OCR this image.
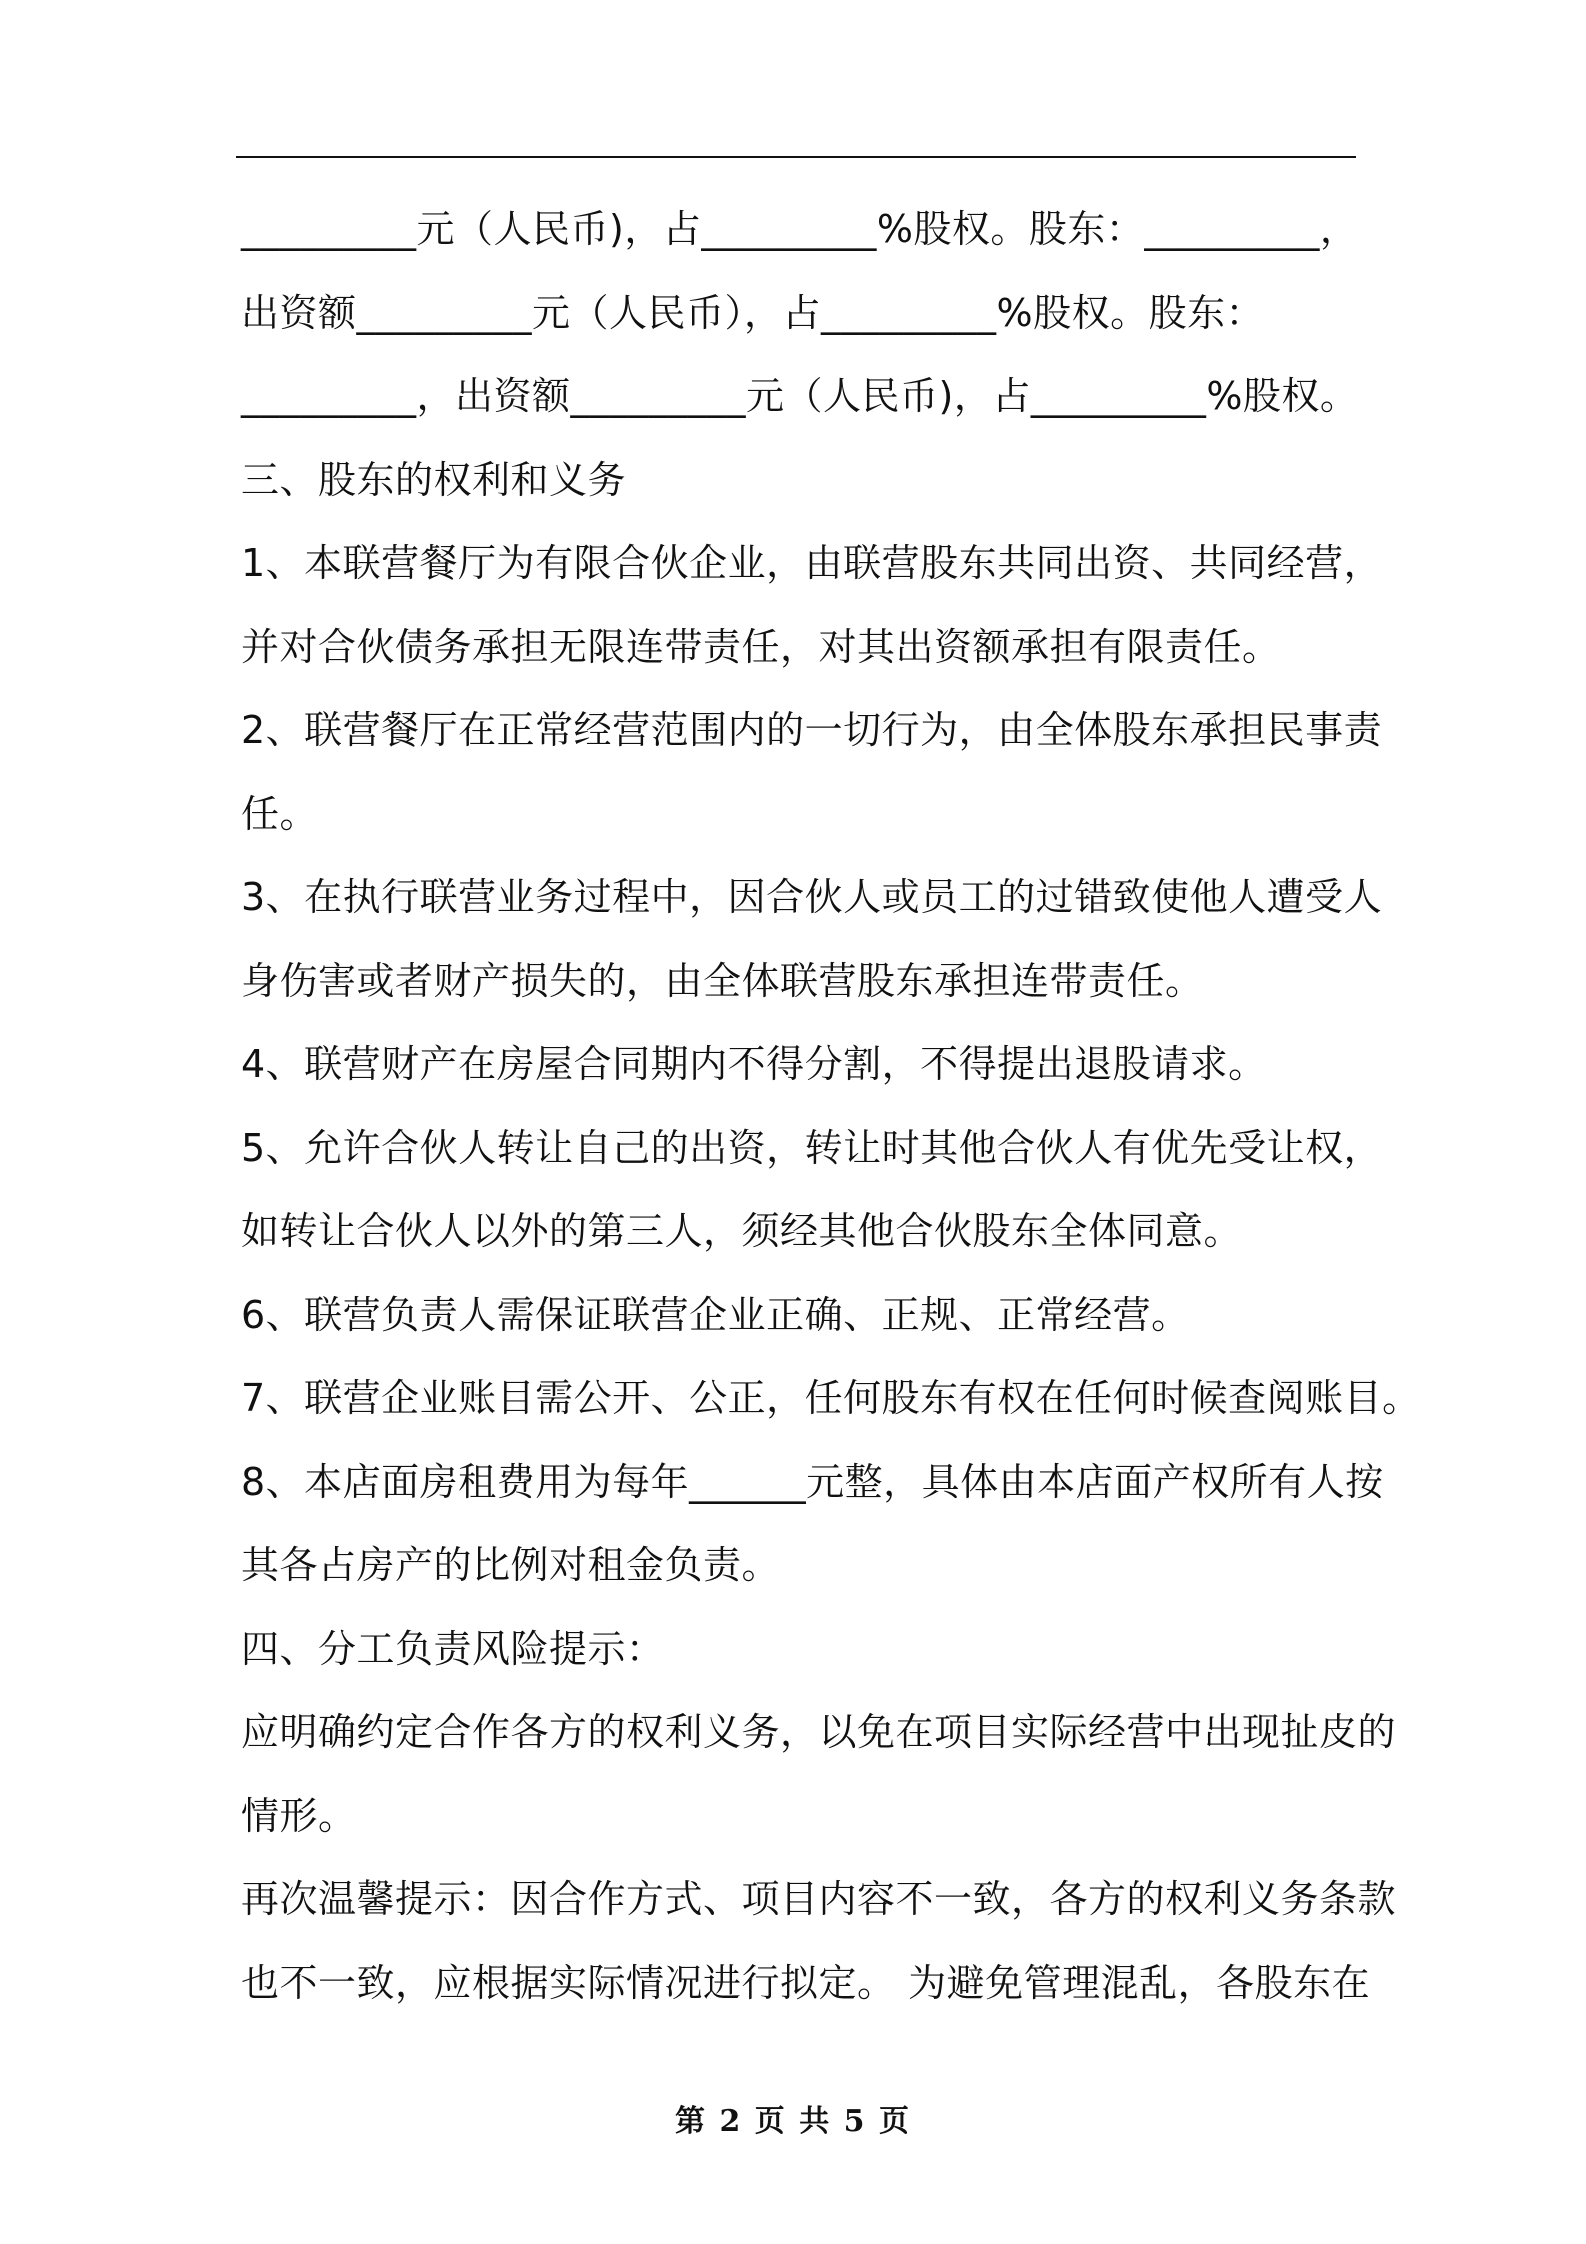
_________元（人民币)，占_________%股权。股东：_________，
出资额_________元（人民币），占_________%股权。股东：
_________，出资额_________元（人民币)，占_________%股权。
三、股东的权利和义务
1、本联营餐厅为有限合伙企业，由联营股东共同出资、共同经营，
并对合伙债务承担无限连带责任，对其出资额承担有限责任。
2、联营餐厅在正常经营范围内的一切行为，由全体股东承担民事责
任。
3、在执行联营业务过程中，因合伙人或员工的过错致使他人遭受人
身伤害或者财产损失的，由全体联营股东承担连带责任。
4、联营财产在房屋合同期内不得分割，不得提出退股请求。
5、允许合伙人转让自己的出资，转让时其他合伙人有优先受让权，
如转让合伙人以外的第三人，须经其他合伙股东全体同意。
6、联营负责人需保证联营企业正确、正规、正常经营。
7、联营企业账目需公开、公正，任何股东有权在任何时候查阅账目。
8、本店面房租费用为每年______元整，具体由本店面产权所有人按
其各占房产的比例对租金负责。
四、分工负责风险提示：
应明确约定合作各方的权利义务，以免在项目实际经营中出现扯皮的
情形。
再次温馨提示：因合作方式、项目内容不一致，各方的权利义务条款
也不一致，应根据实际情况进行拟定。 为避免管理混乱，各股东在
第 2 页 共 5 页
